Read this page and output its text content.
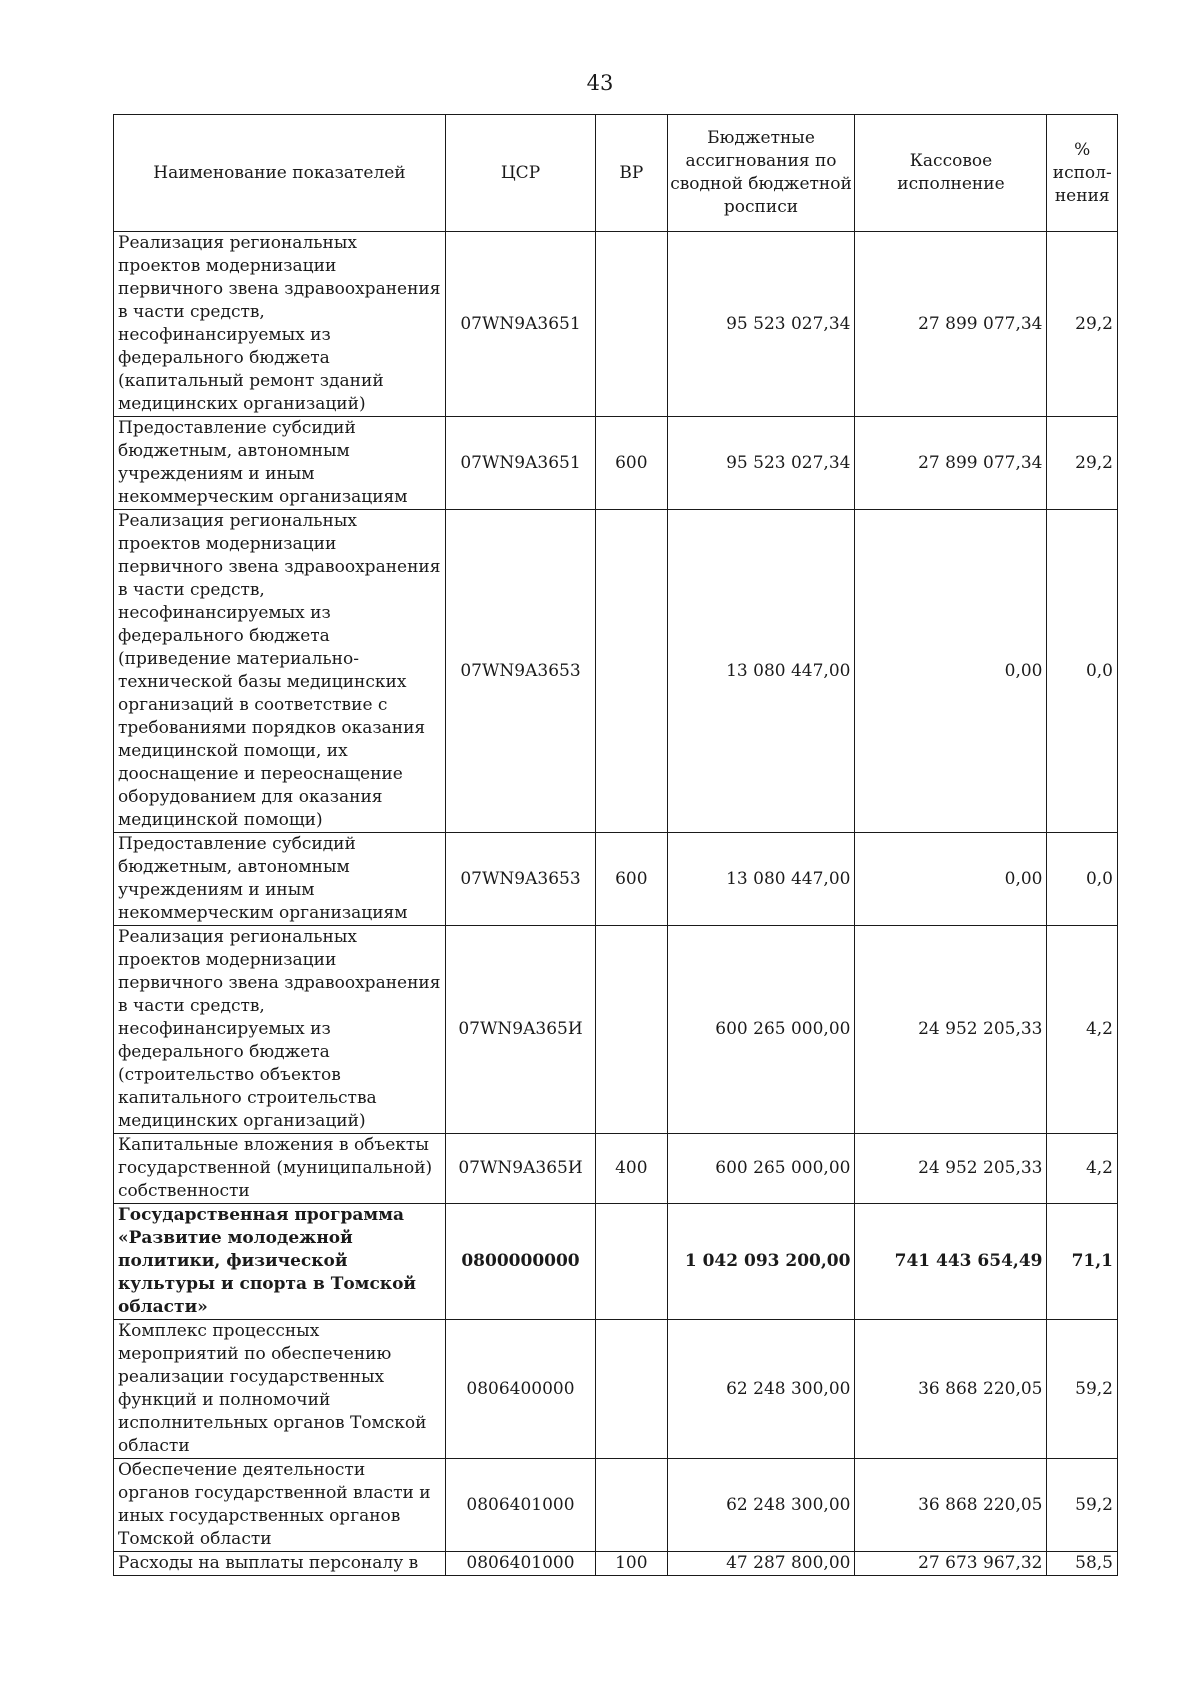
43
Наименование показателей	ЦСР	ВР	Бюджетные ассигнования по сводной бюджетной росписи	Кассовое исполнение	% испол-нения
Реализация региональных проектов модернизации первичного звена здравоохранения в части средств, несофинансируемых из федерального бюджета (капитальный ремонт зданий медицинских организаций)	07WN9A3651		95 523 027,34	27 899 077,34	29,2
Предоставление субсидий бюджетным, автономным учреждениям и иным некоммерческим организациям	07WN9A3651	600	95 523 027,34	27 899 077,34	29,2
Реализация региональных проектов модернизации первичного звена здравоохранения в части средств, несофинансируемых из федерального бюджета (приведение материально-технической базы медицинских организаций в соответствие с требованиями порядков оказания медицинской помощи, их дооснащение и переоснащение оборудованием для оказания медицинской помощи)	07WN9A3653		13 080 447,00	0,00	0,0
Предоставление субсидий бюджетным, автономным учреждениям и иным некоммерческим организациям	07WN9A3653	600	13 080 447,00	0,00	0,0
Реализация региональных проектов модернизации первичного звена здравоохранения в части средств, несофинансируемых из федерального бюджета (строительство объектов капитального строительства медицинских организаций)	07WN9A365И		600 265 000,00	24 952 205,33	4,2
Капитальные вложения в объекты государственной (муниципальной) собственности	07WN9A365И	400	600 265 000,00	24 952 205,33	4,2
Государственная программа «Развитие молодежной политики, физической культуры и спорта в Томской области»	0800000000		1 042 093 200,00	741 443 654,49	71,1
Комплекс процессных мероприятий по обеспечению реализации государственных функций и полномочий исполнительных органов Томской области	0806400000		62 248 300,00	36 868 220,05	59,2
Обеспечение деятельности органов государственной власти и иных государственных органов Томской области	0806401000		62 248 300,00	36 868 220,05	59,2
Расходы на выплаты персоналу в	0806401000	100	47 287 800,00	27 673 967,32	58,5
